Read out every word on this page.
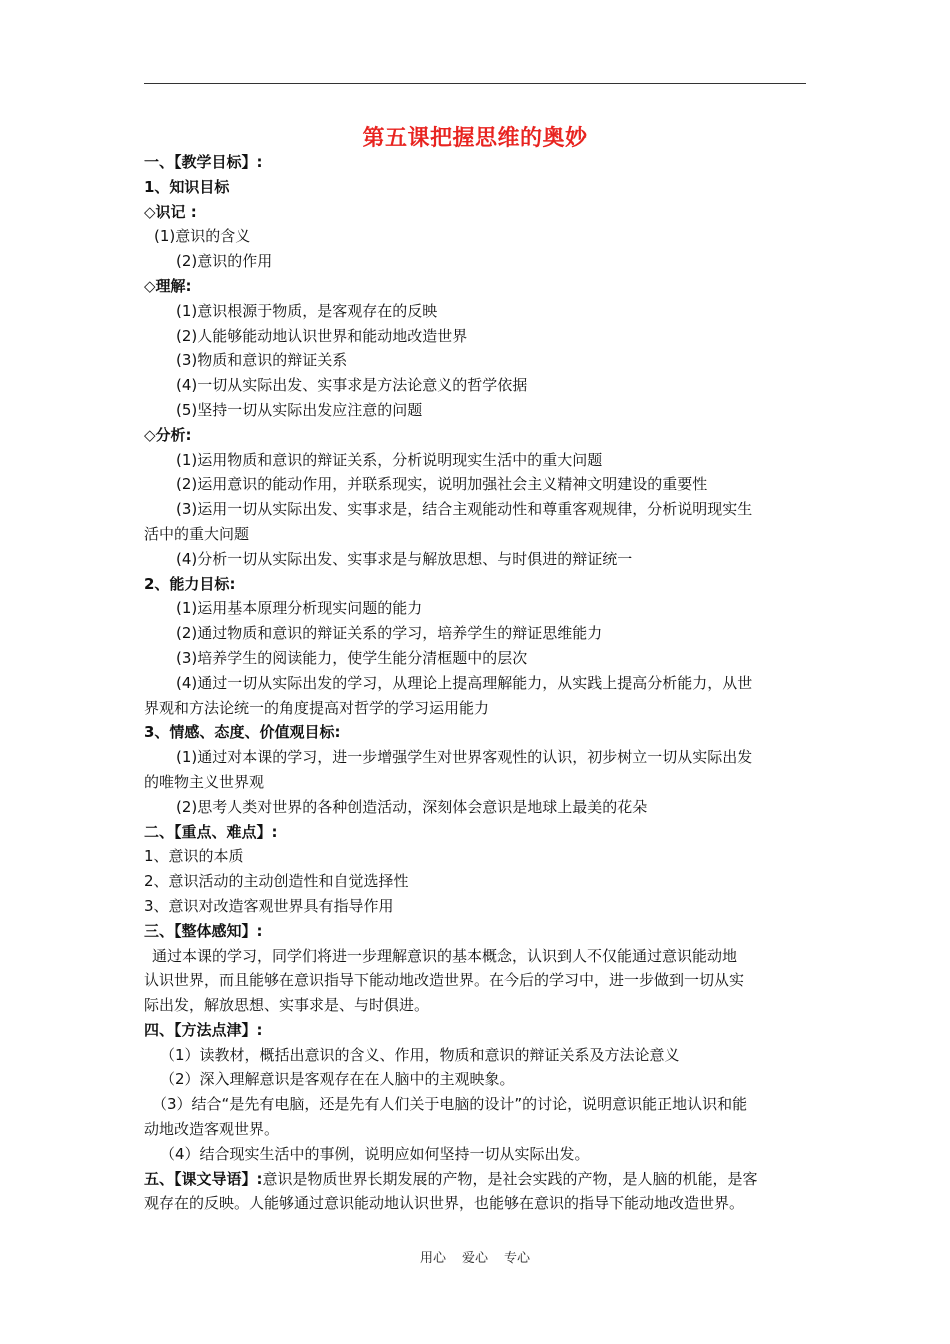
第五课把握思维的奥妙
一、【教学目标】:
1、知识目标
◇识记 :
(1)意识的含义
(2)意识的作用
◇理解:
(1)意识根源于物质，是客观存在的反映
(2)人能够能动地认识世界和能动地改造世界
(3)物质和意识的辩证关系
(4)一切从实际出发、实事求是方法论意义的哲学依据
(5)坚持一切从实际出发应注意的问题
◇分析:
(1)运用物质和意识的辩证关系，分析说明现实生活中的重大问题
(2)运用意识的能动作用，并联系现实，说明加强社会主义精神文明建设的重要性
(3)运用一切从实际出发、实事求是，结合主观能动性和尊重客观规律，分析说明现实生
活中的重大问题
(4)分析一切从实际出发、实事求是与解放思想、与时俱进的辩证统一
2、能力目标:
(1)运用基本原理分析现实问题的能力
(2)通过物质和意识的辩证关系的学习，培养学生的辩证思维能力
(3)培养学生的阅读能力，使学生能分清框题中的层次
(4)通过一切从实际出发的学习，从理论上提高理解能力，从实践上提高分析能力，从世
界观和方法论统一的角度提高对哲学的学习运用能力
3、情感、态度、价值观目标:
(1)通过对本课的学习，进一步增强学生对世界客观性的认识，初步树立一切从实际出发
的唯物主义世界观
(2)思考人类对世界的各种创造活动，深刻体会意识是地球上最美的花朵
二、【重点、难点】:
1、意识的本质
2、意识活动的主动创造性和自觉选择性
3、意识对改造客观世界具有指导作用
三、【整体感知】:
通过本课的学习，同学们将进一步理解意识的基本概念，认识到人不仅能通过意识能动地
认识世界，而且能够在意识指导下能动地改造世界。在今后的学习中，进一步做到一切从实
际出发，解放思想、实事求是、与时俱进。
四、【方法点津】:
（1）读教材，概括出意识的含义、作用，物质和意识的辩证关系及方法论意义
（2）深入理解意识是客观存在在人脑中的主观映象。
（3）结合“是先有电脑，还是先有人们关于电脑的设计”的讨论，说明意识能正地认识和能
动地改造客观世界。
（4）结合现实生活中的事例，说明应如何坚持一切从实际出发。
五、【课文导语】:意识是物质世界长期发展的产物，是社会实践的产物，是人脑的机能，是客
观存在的反映。人能够通过意识能动地认识世界，也能够在意识的指导下能动地改造世界。
用心 爱心 专心
